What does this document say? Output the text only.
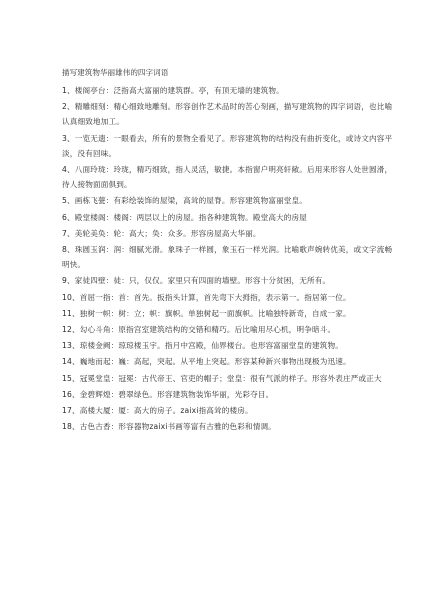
描写建筑物华丽雄伟的四字词语
1、楼阁亭台：泛指高大富丽的建筑群。亭，有顶无墙的建筑物。
2、精雕细刻：精心细致地雕刻。形容创作艺术品时的苦心刻画，描写建筑物的四字词语，也比喻认真细致地加工。
3、一览无遗：一眼看去，所有的景物全看见了。形容建筑物的结构没有曲折变化，或诗文内容平淡，没有回味。
4、八面玲珑：玲珑，精巧细致，指人灵活，敏捷。本指窗户明亮轩敞。后用来形容人处世圆滑，待人接物面面俱到。
5、画栋飞甍：有彩绘装饰的屋梁，高耸的屋脊。形容建筑物富丽堂皇。
6、殿堂楼阁：楼阁：两层以上的房屋。指各种建筑物。殿堂高大的房屋
7、美轮美奂：轮：高大；奂：众多。形容房屋高大华丽。
8、珠圆玉润：润：细腻光滑。象珠子一样圆，象玉石一样光润。比喻歌声婉转优美，或文字流畅明快。
9、家徒四壁：徒：只，仅仅。家里只有四面的墙壁。形容十分贫困，无所有。
10、首屈一指：首：首先。扳指头计算，首先弯下大拇指，表示第一。指居第一位。
11、独树一帜：树：立；帜：旗帜。单独树起一面旗帜。比喻独特新奇，自成一家。
12、勾心斗角：原指宫室建筑结构的交错和精巧。后比喻用尽心机，明争暗斗。
13、琼楼金阙：琼琼楼玉宇。指月中宫殿，仙界楼台。也形容富丽堂皇的建筑物。
14、巍地而起：巍：高起，突起。从平地上突起。形容某种新兴事物出现极为迅速。
15、冠冕堂皇：冠冕：古代帝王、官吏的帽子；堂皇：很有气派的样子。形容外表庄严或正大
16、金碧辉煌：碧翠绿色。形容建筑物装饰华丽，光彩夺目。
17、高楼大厦：厦：高大的房子。zaixi指高耸的楼房。
18、古色古香：形容器物zaixi书画等富有古雅的色彩和情调。
